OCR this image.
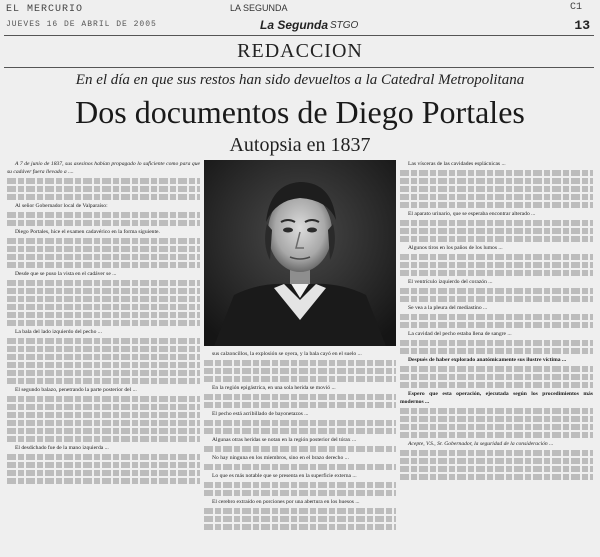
EL MERCURIO
JUEVES 16 DE ABRIL DE 2005
LA SEGUNDA
La Segunda STGO
C1
13
REDACCION
En el día en que sus restos han sido devueltos a la Catedral Metropolitana
Dos documentos de Diego Portales
Autopsia en 1837

A 7 de junio de 1837, sus asesinos habían propagado lo suficiente como para que su cadáver fuera llevado a ....

Al señor Gobernador local de Valparaíso:

Diego Portales, hice el examen cadavérico en la forma siguiente.

Desde que se puso la vista en el cadáver se ...

La bala del lado izquierdo del pecho ...

El segundo balazo, penetrando la parte posterior del ...

El desdichado fue de la mano izquierda ...

sus calzoncillos, la explosión se oyera, y la bala cayó en el suelo ...

En la región epigástrica, en una sola herida se movió ...

El pecho está acribillado de bayonetazos ...

Algunas otras heridas se notan en la región posterior del tórax ...

No hay ninguna en los miembros, sino en el brazo derecho ...

Lo que es más notable que se presenta en la superficie externa ...

El cerebro extraído en porciones por una abertura en los huesos ...

Las vísceras de las cavidades esplácnicas ...

El aparato urinario, que se esperaba encontrar alterado ...

Algunos tiros en los paños de los lumos ...

El ventrículo izquierdo del corazón ...

Se vea a la pleura del mediastino ...

La cavidad del pecho estaba llena de sangre ...

Después de haber explorado anatómicamente sus ilustre víctima ...

Espero que esta operación, ejecutada según los procedimientos más modernos ...

Acepte, V.S., Sr. Gobernador, la seguridad de la consideración ...
